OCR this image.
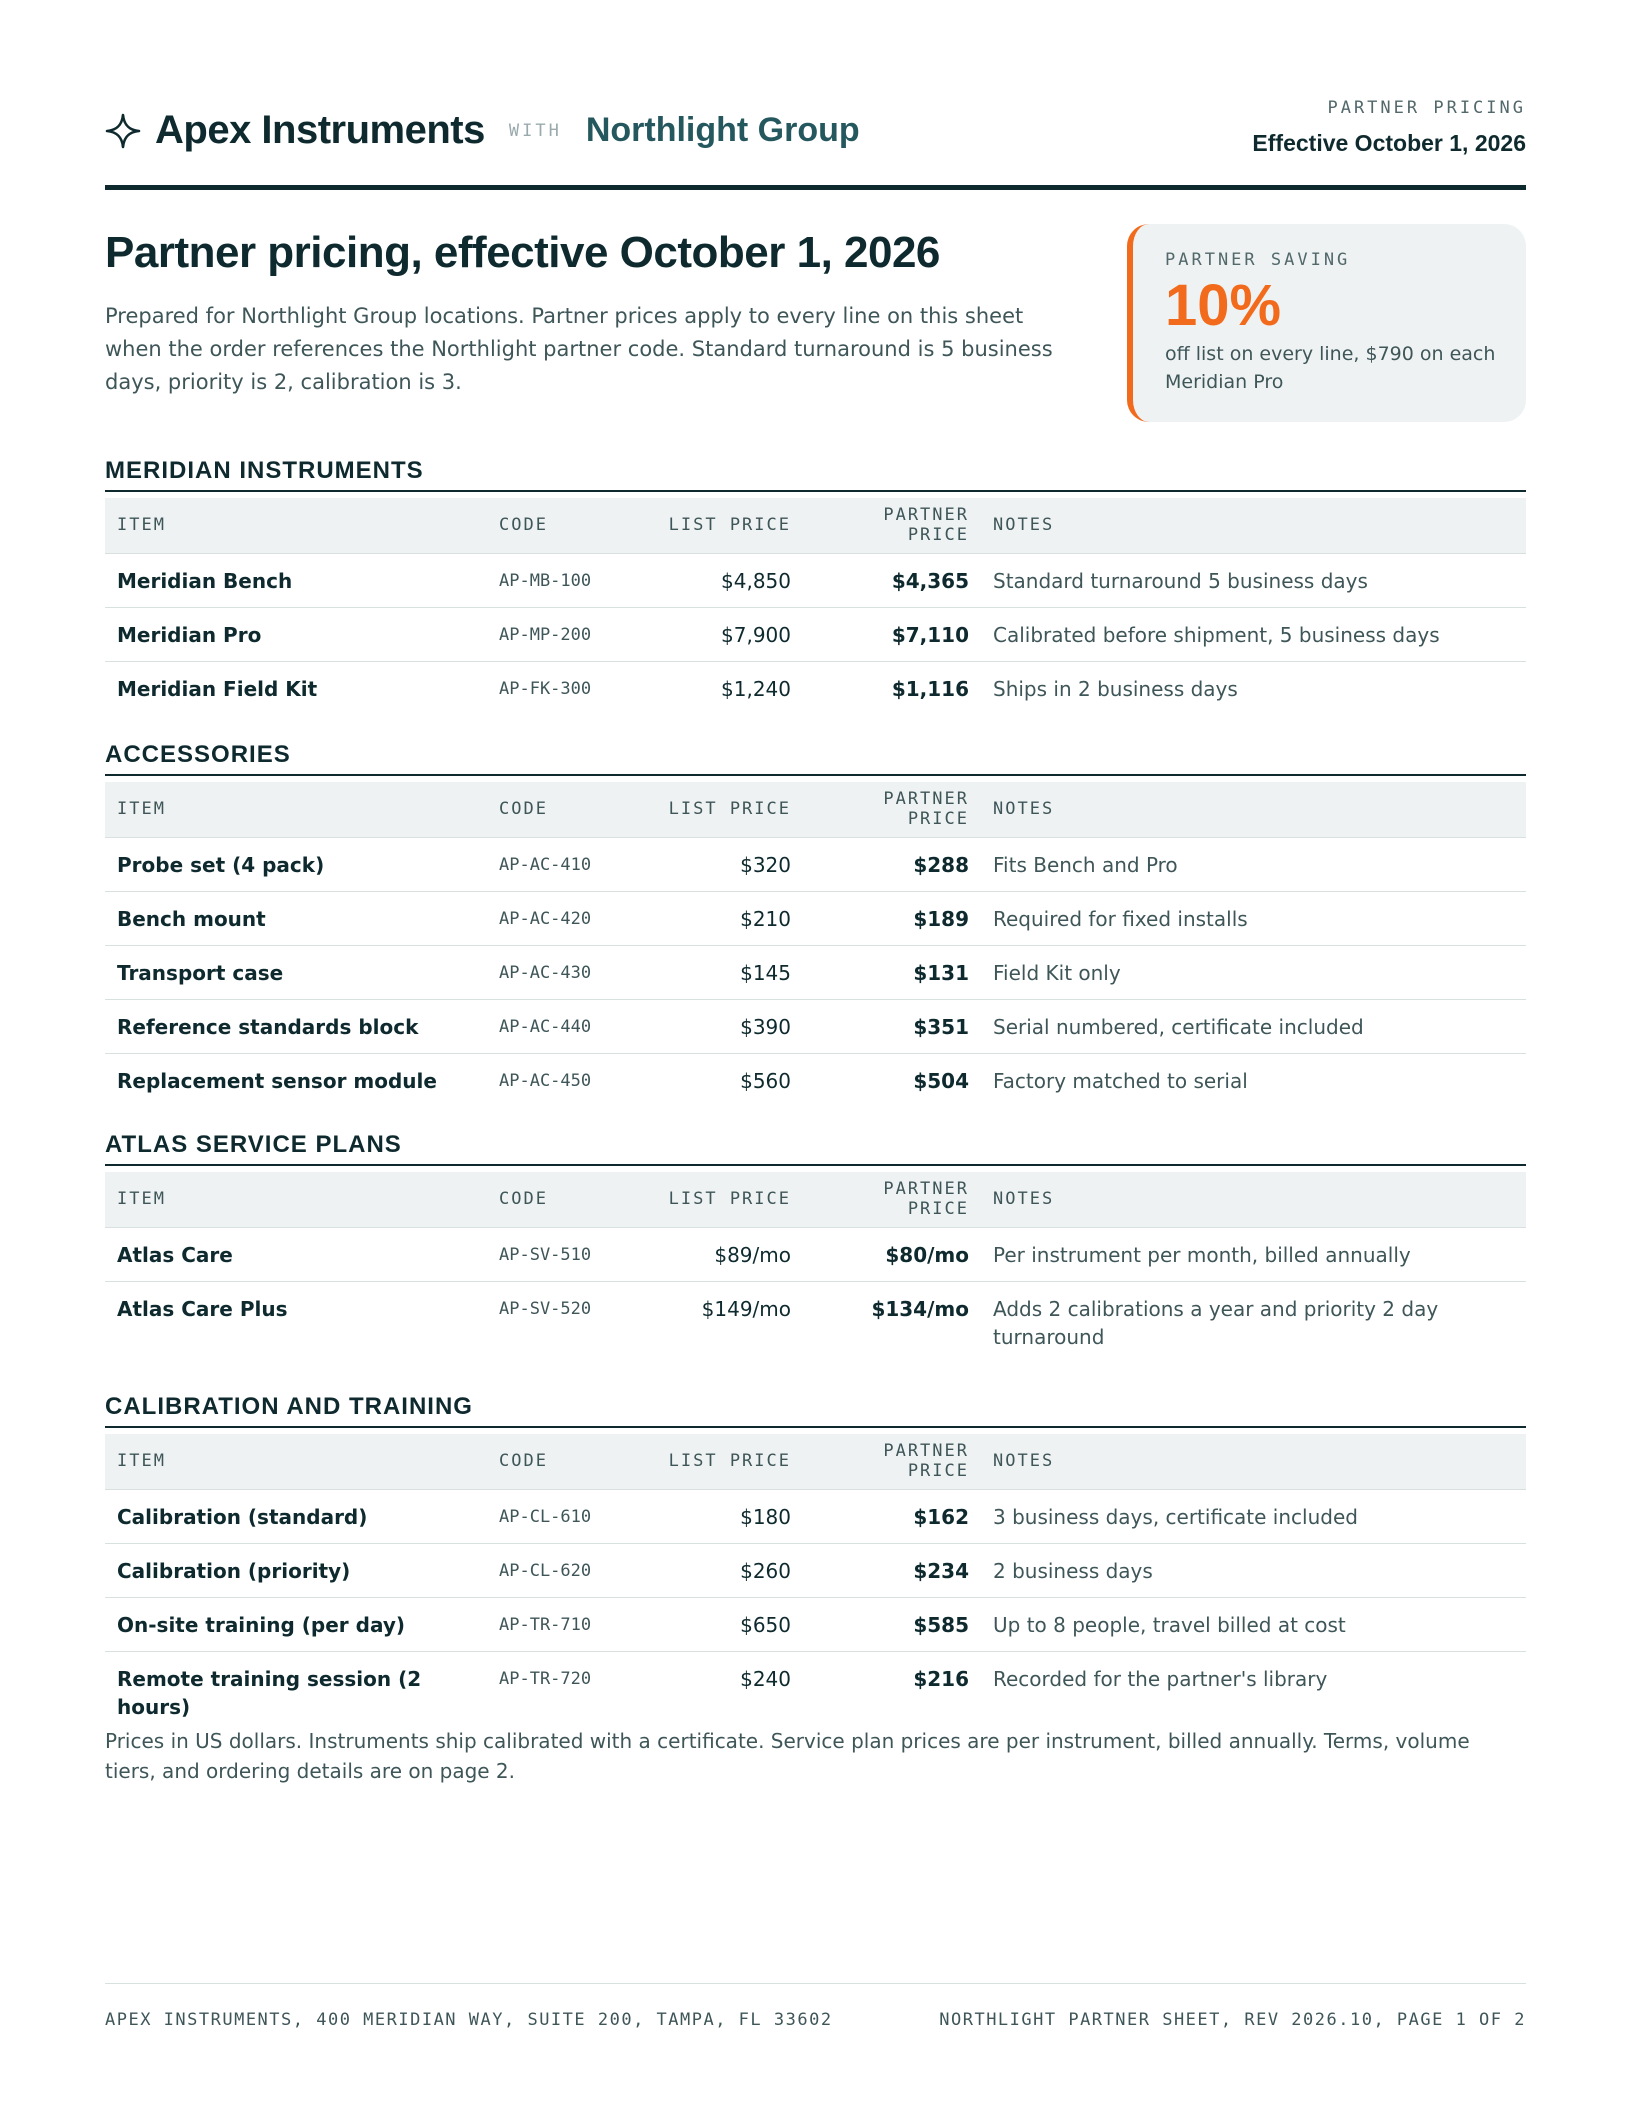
Apex Instruments WITH Northlight Group
PARTNER PRICING
Effective October 1, 2026
Partner pricing, effective October 1, 2026

Prepared for Northlight Group locations. Partner prices apply to every line on this sheet when the order references the Northlight partner code. Standard turnaround is 5 business days, priority is 2, calibration is 3.

PARTNER SAVING
10%
off list on every line, $790 on each Meridian Pro
MERIDIAN INSTRUMENTS
ITEM	CODE	LIST PRICE	PARTNER PRICE	NOTES
Meridian Bench	AP-MB-100	$4,850	$4,365	Standard turnaround 5 business days
Meridian Pro	AP-MP-200	$7,900	$7,110	Calibrated before shipment, 5 business days
Meridian Field Kit	AP-FK-300	$1,240	$1,116	Ships in 2 business days
ACCESSORIES
ITEM	CODE	LIST PRICE	PARTNER PRICE	NOTES
Probe set (4 pack)	AP-AC-410	$320	$288	Fits Bench and Pro
Bench mount	AP-AC-420	$210	$189	Required for fixed installs
Transport case	AP-AC-430	$145	$131	Field Kit only
Reference standards block	AP-AC-440	$390	$351	Serial numbered, certificate included
Replacement sensor module	AP-AC-450	$560	$504	Factory matched to serial
ATLAS SERVICE PLANS
ITEM	CODE	LIST PRICE	PARTNER PRICE	NOTES
Atlas Care	AP-SV-510	$89/mo	$80/mo	Per instrument per month, billed annually
Atlas Care Plus	AP-SV-520	$149/mo	$134/mo	Adds 2 calibrations a year and priority 2 day turnaround
CALIBRATION AND TRAINING
ITEM	CODE	LIST PRICE	PARTNER PRICE	NOTES
Calibration (standard)	AP-CL-610	$180	$162	3 business days, certificate included
Calibration (priority)	AP-CL-620	$260	$234	2 business days
On-site training (per day)	AP-TR-710	$650	$585	Up to 8 people, travel billed at cost
Remote training session (2 hours)	AP-TR-720	$240	$216	Recorded for the partner's library

Prices in US dollars. Instruments ship calibrated with a certificate. Service plan prices are per instrument, billed annually. Terms, volume tiers, and ordering details are on page 2.

APEX INSTRUMENTS, 400 MERIDIAN WAY, SUITE 200, TAMPA, FL 33602	NORTHLIGHT PARTNER SHEET, REV 2026.10, PAGE 1 OF 2
